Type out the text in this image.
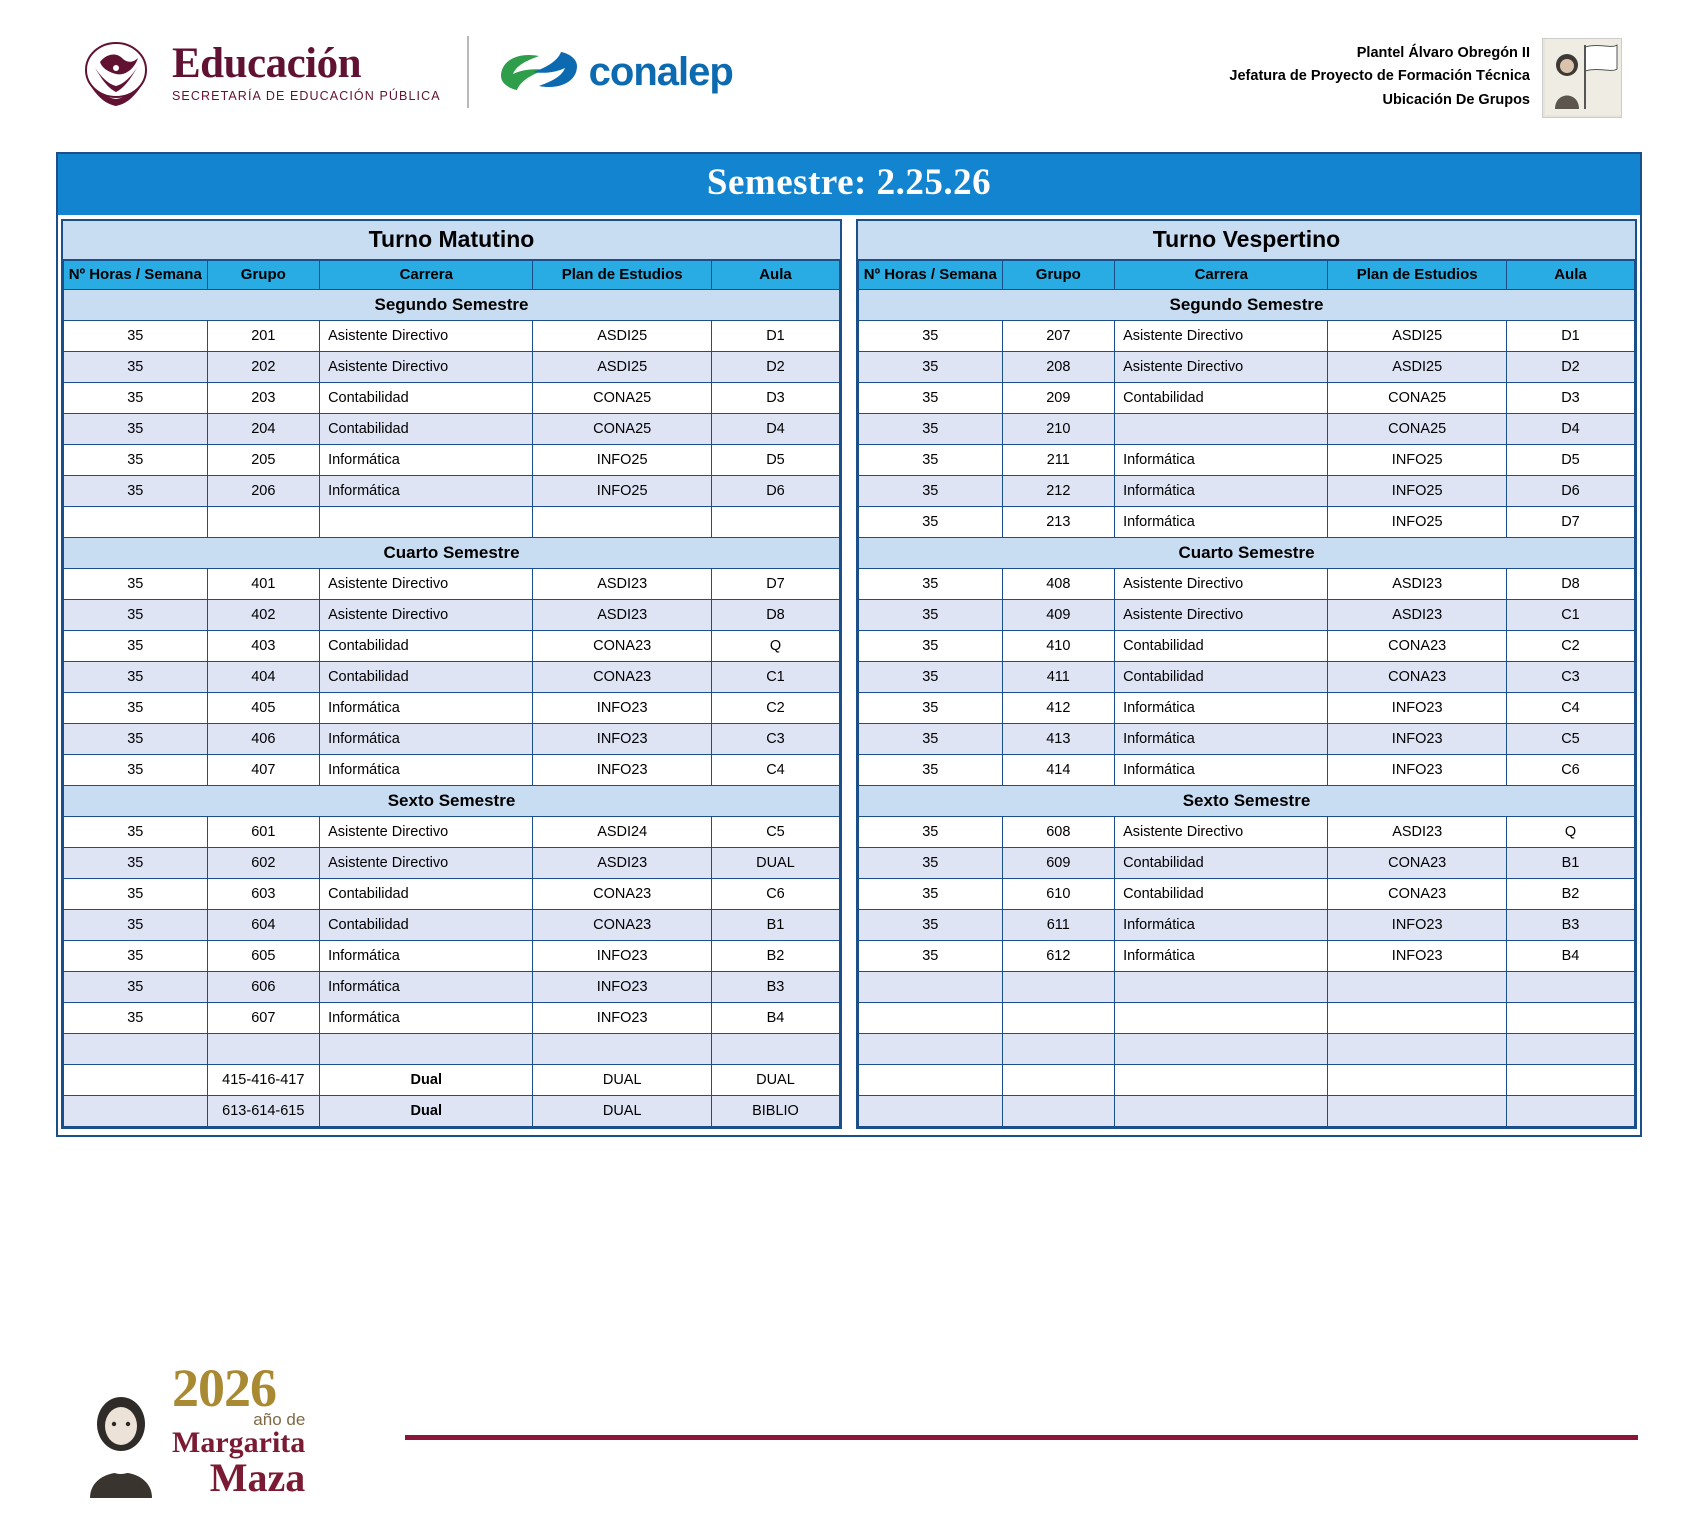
Educación
SECRETARÍA DE EDUCACIÓN PÚBLICA
conalep	Plantel Álvaro Obregón II
Jefatura de Proyecto de Formación Técnica
Ubicación De Grupos
Semestre: 2.25.26
Turno Matutino
Nº Horas / Semana	Grupo	Carrera	Plan de Estudios	Aula
Segundo Semestre				
35	201	Asistente Directivo	ASDI25	D1
35	202	Asistente Directivo	ASDI25	D2
35	203	Contabilidad	CONA25	D3
35	204	Contabilidad	CONA25	D4
35	205	Informática	INFO25	D5
35	206	Informática	INFO25	D6

Cuarto Semestre				
35	401	Asistente Directivo	ASDI23	D7
35	402	Asistente Directivo	ASDI23	D8
35	403	Contabilidad	CONA23	Q
35	404	Contabilidad	CONA23	C1
35	405	Informática	INFO23	C2
35	406	Informática	INFO23	C3
35	407	Informática	INFO23	C4
Sexto Semestre				
35	601	Asistente Directivo	ASDI24	C5
35	602	Asistente Directivo	ASDI23	DUAL
35	603	Contabilidad	CONA23	C6
35	604	Contabilidad	CONA23	B1
35	605	Informática	INFO23	B2
35	606	Informática	INFO23	B3
35	607	Informática	INFO23	B4

	415-416-417	Dual	DUAL	DUAL
	613-614-615	Dual	DUAL	BIBLIO
Turno Vespertino
Nº Horas / Semana	Grupo	Carrera	Plan de Estudios	Aula
Segundo Semestre				
35	207	Asistente Directivo	ASDI25	D1
35	208	Asistente Directivo	ASDI25	D2
35	209	Contabilidad	CONA25	D3
35	210		CONA25	D4
35	211	Informática	INFO25	D5
35	212	Informática	INFO25	D6
35	213	Informática	INFO25	D7
Cuarto Semestre				
35	408	Asistente Directivo	ASDI23	D8
35	409	Asistente Directivo	ASDI23	C1
35	410	Contabilidad	CONA23	C2
35	411	Contabilidad	CONA23	C3
35	412	Informática	INFO23	C4
35	413	Informática	INFO23	C5
35	414	Informática	INFO23	C6
Sexto Semestre				
35	608	Asistente Directivo	ASDI23	Q
35	609	Contabilidad	CONA23	B1
35	610	Contabilidad	CONA23	B2
35	611	Informática	INFO23	B3
35	612	Informática	INFO23	B4

2026
año de
Margarita
Maza
